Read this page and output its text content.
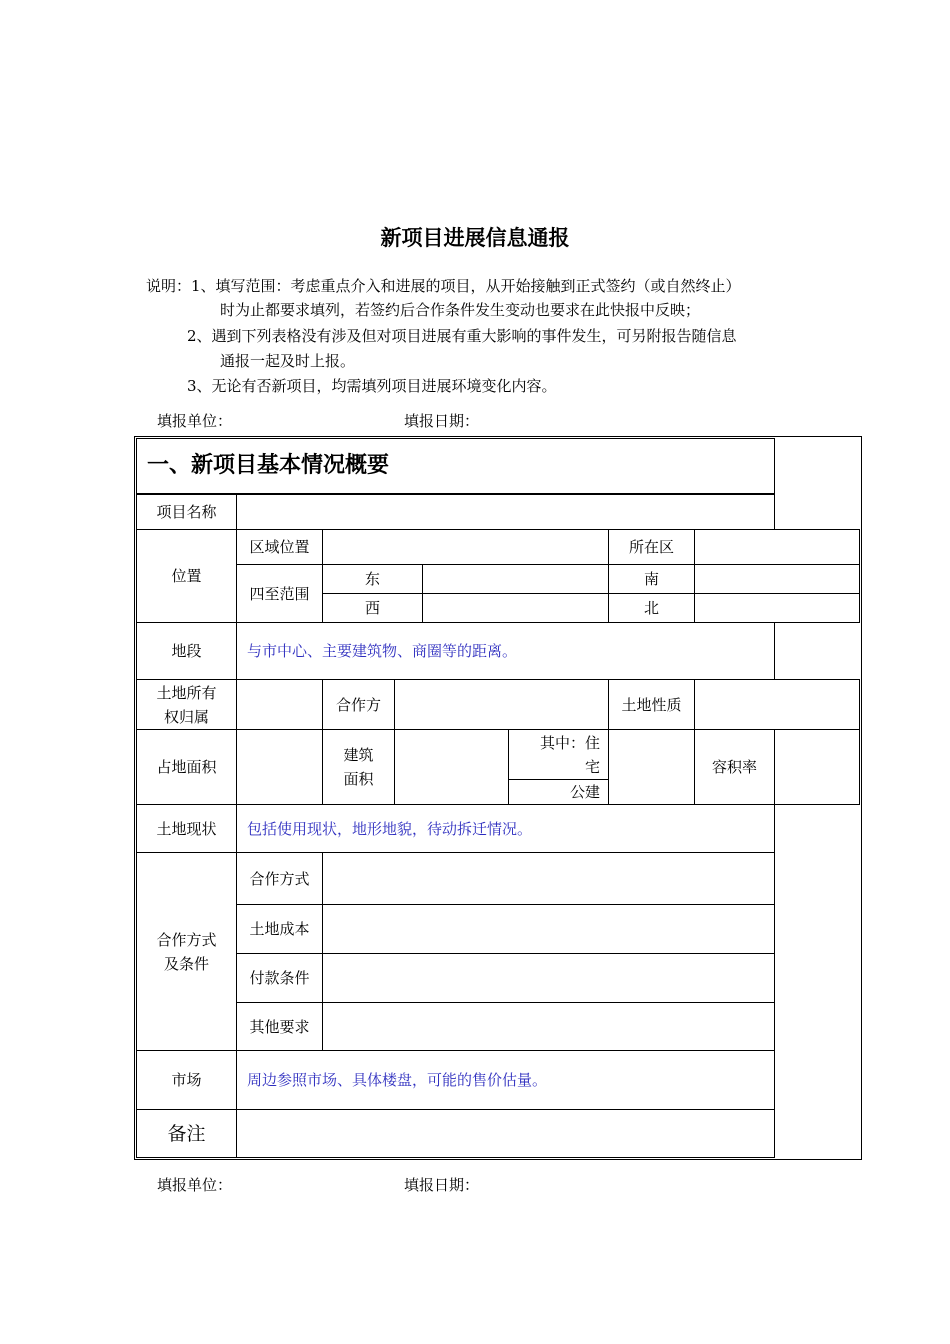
新项目进展信息通报
说明：1、填写范围：考虑重点介入和进展的项目，从开始接触到正式签约（或自然终止）
时为止都要求填列，若签约后合作条件发生变动也要求在此快报中反映；
2、遇到下列表格没有涉及但对项目进展有重大影响的事件发生，可另附报告随信息
通报一起及时上报。
3、无论有否新项目，均需填列项目进展环境变化内容。
填报单位：	填报日期：
一、新项目基本情况概要								
项目名称								
位置	区域位置					所在区		
	四至范围	东				南		
		西				北		
地段	与市中心、主要建筑物、商圈等的距离。							
土地所有权归属		合作方				土地性质		
占地面积		建筑面积			其中：住宅		容积率	
					公建			
土地现状	包括使用现状，地形地貌，待动拆迁情况。							
合作方式及条件	合作方式							
	土地成本							
	付款条件							
	其他要求							
市场	周边参照市场、具体楼盘，可能的售价估量。							
备注								
填报单位：	填报日期：
